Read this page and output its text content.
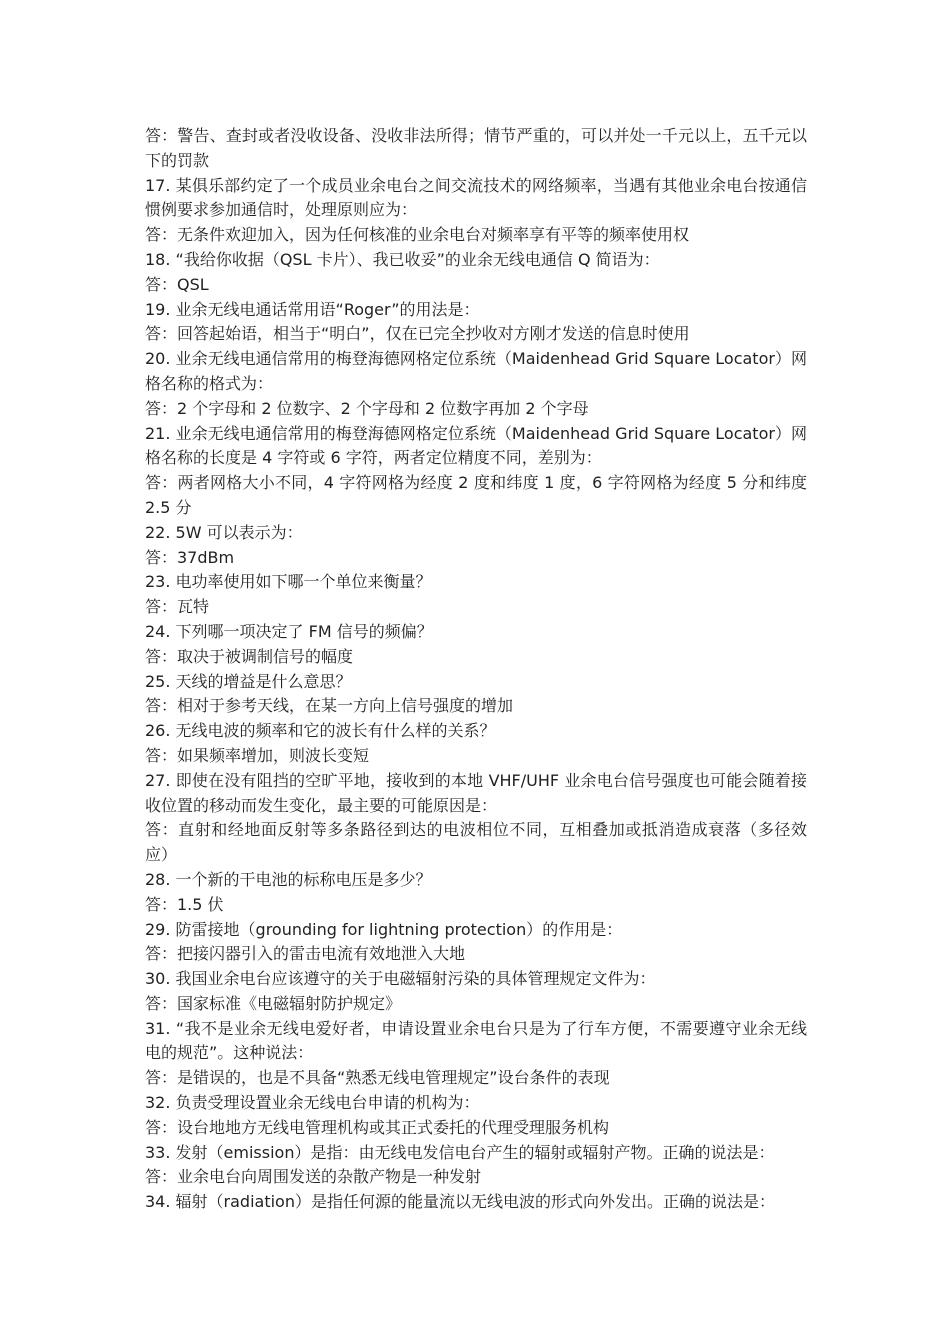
答：警告、查封或者没收设备、没收非法所得；情节严重的，可以并处一千元以上，五千元以下的罚款

17. 某俱乐部约定了一个成员业余电台之间交流技术的网络频率，当遇有其他业余电台按通信惯例要求参加通信时，处理原则应为：

答：无条件欢迎加入，因为任何核准的业余电台对频率享有平等的频率使用权

18. “我给你收据（QSL 卡片）、我已收妥”的业余无线电通信 Q 简语为：

答：QSL

19. 业余无线电通话常用语“Roger”的用法是：

答：回答起始语，相当于“明白”，仅在已完全抄收对方刚才发送的信息时使用

20. 业余无线电通信常用的梅登海德网格定位系统（Maidenhead Grid Square Locator）网格名称的格式为：

答：2 个字母和 2 位数字、2 个字母和 2 位数字再加 2 个字母

21. 业余无线电通信常用的梅登海德网格定位系统（Maidenhead Grid Square Locator）网格名称的长度是 4 字符或 6 字符，两者定位精度不同，差别为：

答：两者网格大小不同，4 字符网格为经度 2 度和纬度 1 度，6 字符网格为经度 5 分和纬度 2.5 分

22. 5W 可以表示为：

答：37dBm

23. 电功率使用如下哪一个单位来衡量？

答：瓦特

24. 下列哪一项决定了 FM 信号的频偏？

答：取决于被调制信号的幅度

25. 天线的增益是什么意思？

答：相对于参考天线，在某一方向上信号强度的增加

26. 无线电波的频率和它的波长有什么样的关系？

答：如果频率增加，则波长变短

27. 即使在没有阻挡的空旷平地，接收到的本地 VHF/UHF 业余电台信号强度也可能会随着接收位置的移动而发生变化，最主要的可能原因是：

答：直射和经地面反射等多条路径到达的电波相位不同，互相叠加或抵消造成衰落（多径效应）

28. 一个新的干电池的标称电压是多少？

答：1.5 伏

29. 防雷接地（grounding for lightning protection）的作用是：

答：把接闪器引入的雷击电流有效地泄入大地

30. 我国业余电台应该遵守的关于电磁辐射污染的具体管理规定文件为：

答：国家标准《电磁辐射防护规定》

31. “我不是业余无线电爱好者，申请设置业余电台只是为了行车方便，不需要遵守业余无线电的规范”。这种说法：

答：是错误的，也是不具备“熟悉无线电管理规定”设台条件的表现

32. 负责受理设置业余无线电台申请的机构为：

答：设台地地方无线电管理机构或其正式委托的代理受理服务机构

33. 发射（emission）是指：由无线电发信电台产生的辐射或辐射产物。正确的说法是：

答：业余电台向周围发送的杂散产物是一种发射

34. 辐射（radiation）是指任何源的能量流以无线电波的形式向外发出。正确的说法是：
